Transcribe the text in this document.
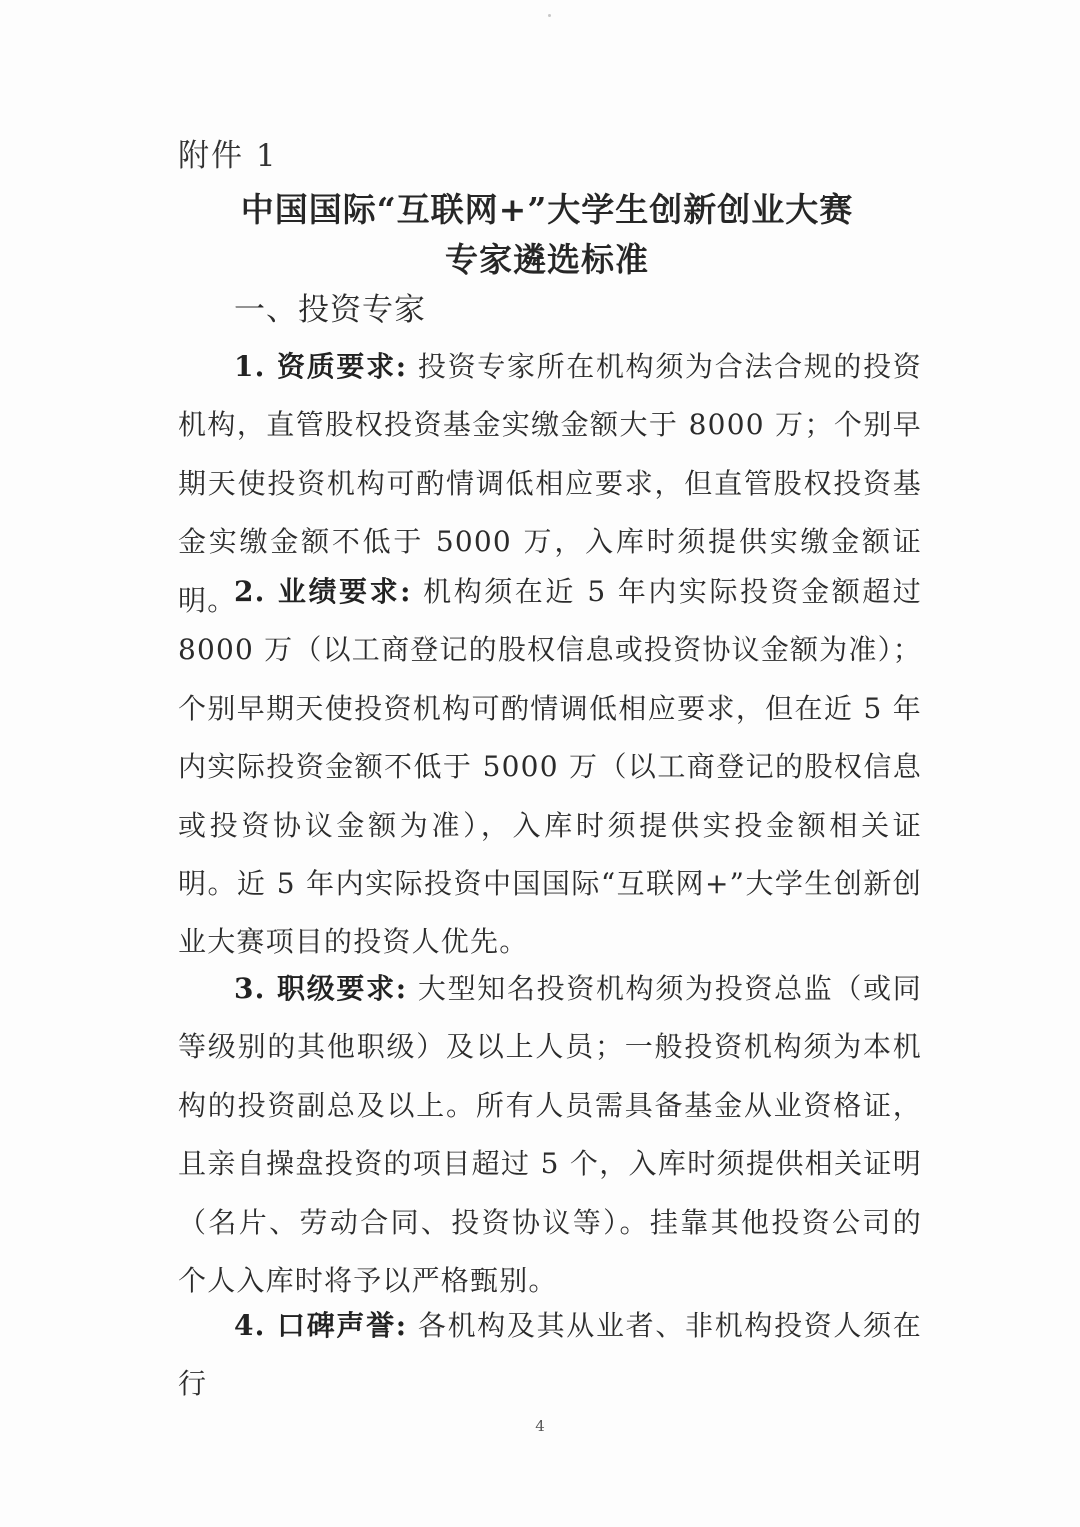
附件 1
中国国际“互联网+”大学生创新创业大赛
专家遴选标准
一、投资专家
1. 资质要求: 投资专家所在机构须为合法合规的投资机构，直管股权投资基金实缴金额大于 8000 万；个别早期天使投资机构可酌情调低相应要求，但直管股权投资基金实缴金额不低于 5000 万，入库时须提供实缴金额证明。
2. 业绩要求: 机构须在近 5 年内实际投资金额超过 8000 万（以工商登记的股权信息或投资协议金额为准）；个别早期天使投资机构可酌情调低相应要求，但在近 5 年内实际投资金额不低于 5000 万（以工商登记的股权信息或投资协议金额为准），入库时须提供实投金额相关证明。近 5 年内实际投资中国国际“互联网+”大学生创新创业大赛项目的投资人优先。
3. 职级要求: 大型知名投资机构须为投资总监（或同等级别的其他职级）及以上人员；一般投资机构须为本机构的投资副总及以上。所有人员需具备基金从业资格证，且亲自操盘投资的项目超过 5 个，入库时须提供相关证明（名片、劳动合同、投资协议等）。挂靠其他投资公司的个人入库时将予以严格甄别。
4. 口碑声誉: 各机构及其从业者、非机构投资人须在行
4
